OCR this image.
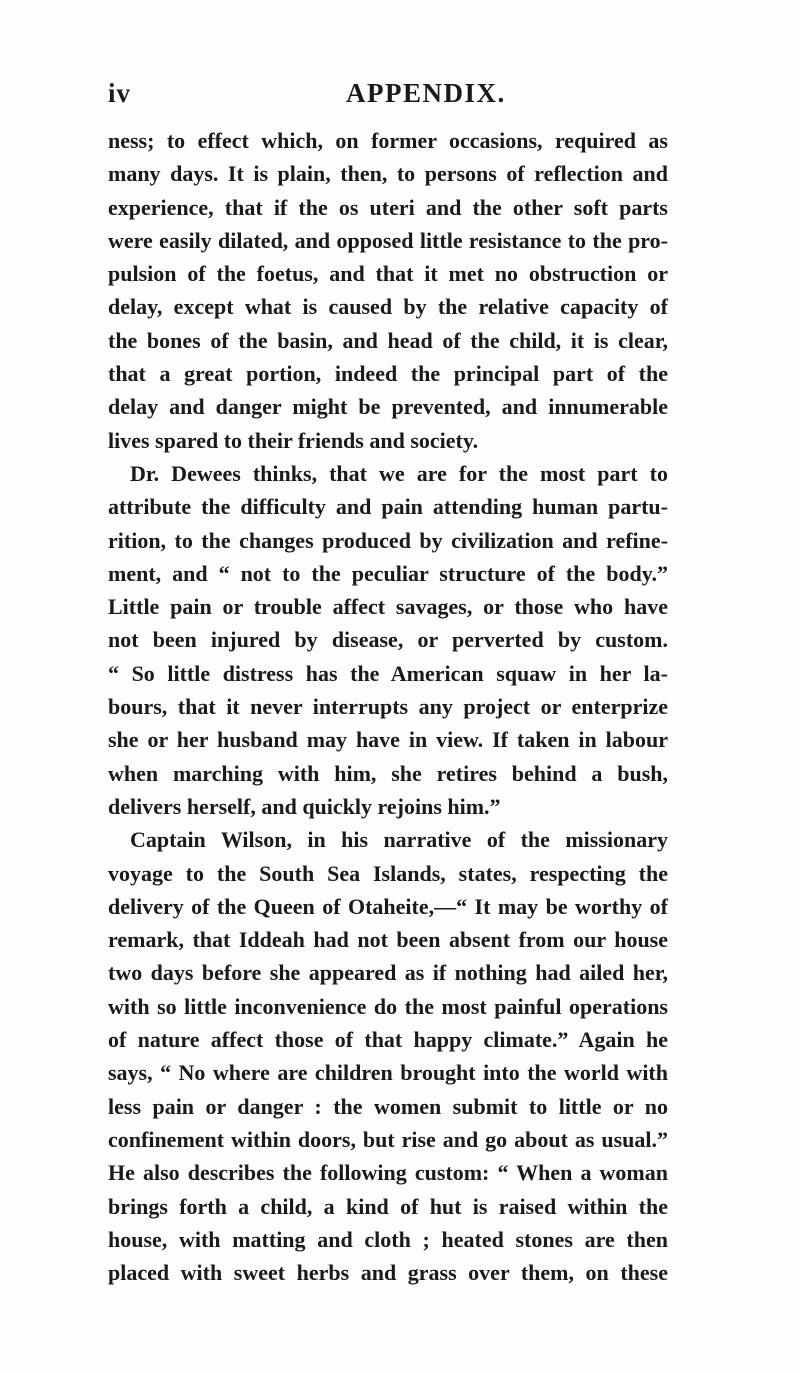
iv	APPENDIX.
ness; to effect which, on former occasions, required as
many days. It is plain, then, to persons of reflection and
experience, that if the os uteri and the other soft parts
were easily dilated, and opposed little resistance to the pro-
pulsion of the foetus, and that it met no obstruction or
delay, except what is caused by the relative capacity of
the bones of the basin, and head of the child, it is clear,
that a great portion, indeed the principal part of the
delay and danger might be prevented, and innumerable
lives spared to their friends and society.
Dr. Dewees thinks, that we are for the most part to
attribute the difficulty and pain attending human partu-
rition, to the changes produced by civilization and refine-
ment, and “ not to the peculiar structure of the body.”
Little pain or trouble affect savages, or those who have
not been injured by disease, or perverted by custom.
“ So little distress has the American squaw in her la-
bours, that it never interrupts any project or enterprize
she or her husband may have in view. If taken in labour
when marching with him, she retires behind a bush,
delivers herself, and quickly rejoins him.”
Captain Wilson, in his narrative of the missionary
voyage to the South Sea Islands, states, respecting the
delivery of the Queen of Otaheite,—“ It may be worthy of
remark, that Iddeah had not been absent from our house
two days before she appeared as if nothing had ailed her,
with so little inconvenience do the most painful operations
of nature affect those of that happy climate.” Again he
says, “ No where are children brought into the world with
less pain or danger : the women submit to little or no
confinement within doors, but rise and go about as usual.”
He also describes the following custom: “ When a woman
brings forth a child, a kind of hut is raised within the
house, with matting and cloth ; heated stones are then
placed with sweet herbs and grass over them, on these
